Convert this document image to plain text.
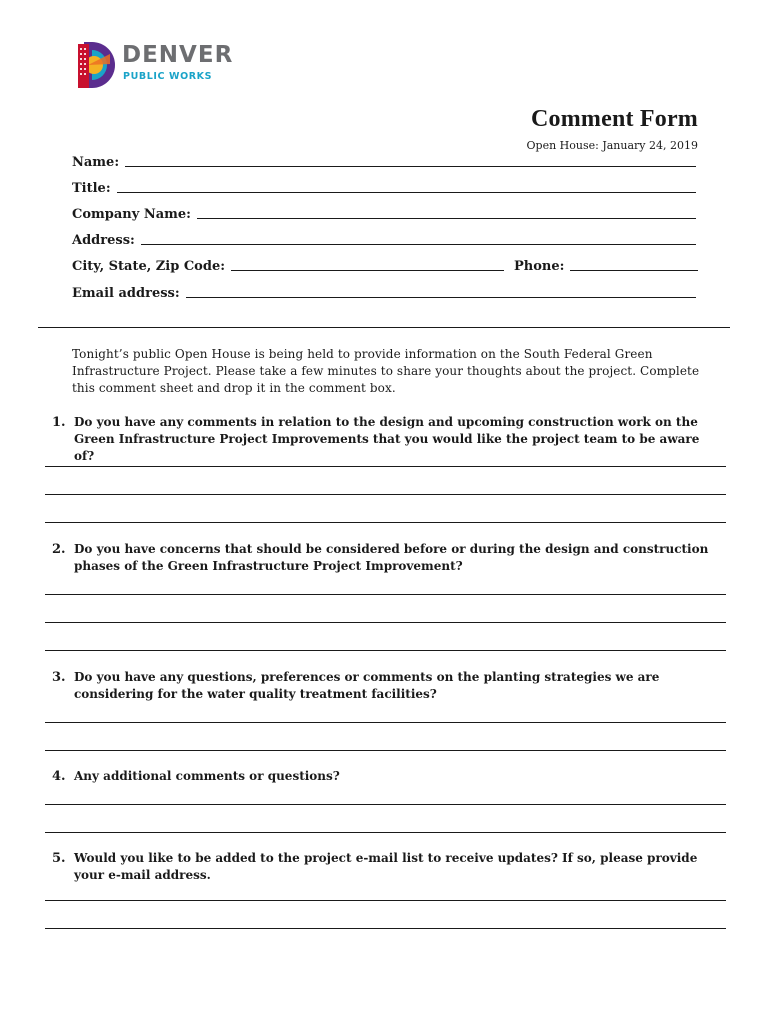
DENVER
PUBLIC WORKS
Comment Form
Open House: January 24, 2019
Name:
Title:
Company Name:
Address:
City, State, Zip Code:	Phone:
Email address:
Tonight’s public Open House is being held to provide information on the South Federal Green Infrastructure Project. Please take a few minutes to share your thoughts about the project. Complete this comment sheet and drop it in the comment box.
1. Do you have any comments in relation to the design and upcoming construction work on the Green Infrastructure Project Improvements that you would like the project team to be aware of?
2. Do you have concerns that should be considered before or during the design and construction phases of the Green Infrastructure Project Improvement?
3. Do you have any questions, preferences or comments on the planting strategies we are considering for the water quality treatment facilities?
4. Any additional comments or questions?
5. Would you like to be added to the project e-mail list to receive updates? If so, please provide your e-mail address.
